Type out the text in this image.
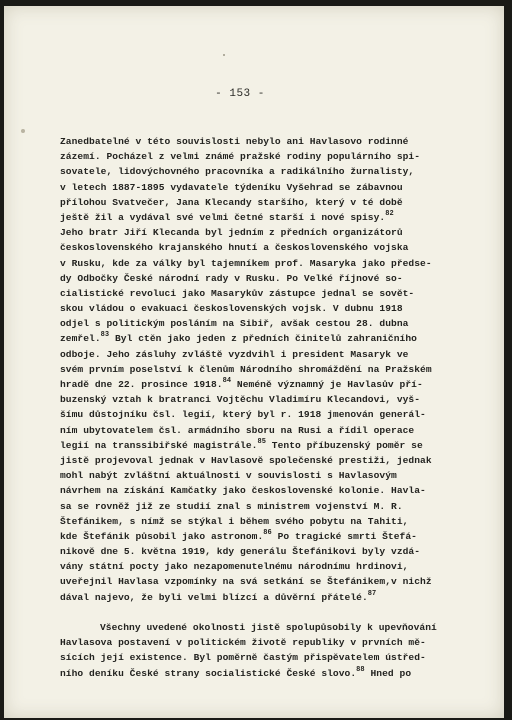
- 153 -
Zanedbatelné v této souvislosti nebylo ani Havlasovo rodinné
zázemí. Pocházel z velmi známé pražské rodiny populárního spi-
sovatele, lidovýchovného pracovníka a radikálního žurnalisty,
v letech 1887-1895 vydavatele týdeníku Vyšehrad se zábavnou
přílohou Svatvečer, Jana Klecandy staršího, který v té době
ještě žil a vydával své velmi četné starší i nové spisy.$^{82}$
Jeho bratr Jiří Klecanda byl jedním z předních organizátorů
československého krajanského hnutí a československého vojska
v Rusku, kde za války byl tajemníkem prof. Masaryka jako předse-
dy Odbočky České národní rady v Rusku. Po Velké říjnové so-
cialistické revoluci jako Masarykův zástupce jednal se sovět-
skou vládou o evakuaci československých vojsk. V dubnu 1918
odjel s politickým posláním na Sibiř, avšak cestou 28. dubna
zemřel.$^{83}$ Byl ctěn jako jeden z předních činitelů zahraničního
odboje. Jeho zásluhy zvláště vyzdvihl i president Masaryk ve
svém prvním poselství k členům Národního shromáždění na Pražském
hradě dne 22. prosince 1918.84 Neméně významný je Havlasův pří-
buzenský vztah k bratranci Vojtěchu Vladimíru Klecandovi, vyš-
šímu důstojníku čsl. legií, který byl r. 1918 jmenován generál-
ním ubytovatelem čsl. armádního sboru na Rusi a řídil operace
legií na transsibiřské magistrále.$^{85}$ Tento příbuzenský poměr se
jistě projevoval jednak v Havlasově společenské prestiži, jednak
mohl nabýt zvláštní aktuálnosti v souvislosti s Havlasovým
návrhem na získání Kamčatky jako československé kolonie. Havla-
sa se rovněž již ze studií znal s ministrem vojenství M. R.
Štefánikem, s nímž se stýkal i během svého pobytu na Tahiti,
kde Štefánik působil jako astronom.$^{86}$ Po tragické smrti Štefá-
nikově dne 5. května 1919, kdy generálu Štefánikovi byly vzdá-
vány státní pocty jako nezapomenutelnému národnímu hrdinovi,
uveřejnil Havlasa vzpomínky na svá setkání se Štefánikem,v nichž
dával najevo, že byli velmi blízcí a důvěrní přátelé.$^{87}$
Všechny uvedené okolnosti jistě spolupůsobily k upevňování
Havlasova postavení v politickém životě republiky v prvních mě-
sících její existence. Byl poměrně častým přispěvatelem ústřed-
ního deníku České strany socialistické České slovo.$^{88}$ Hned po
